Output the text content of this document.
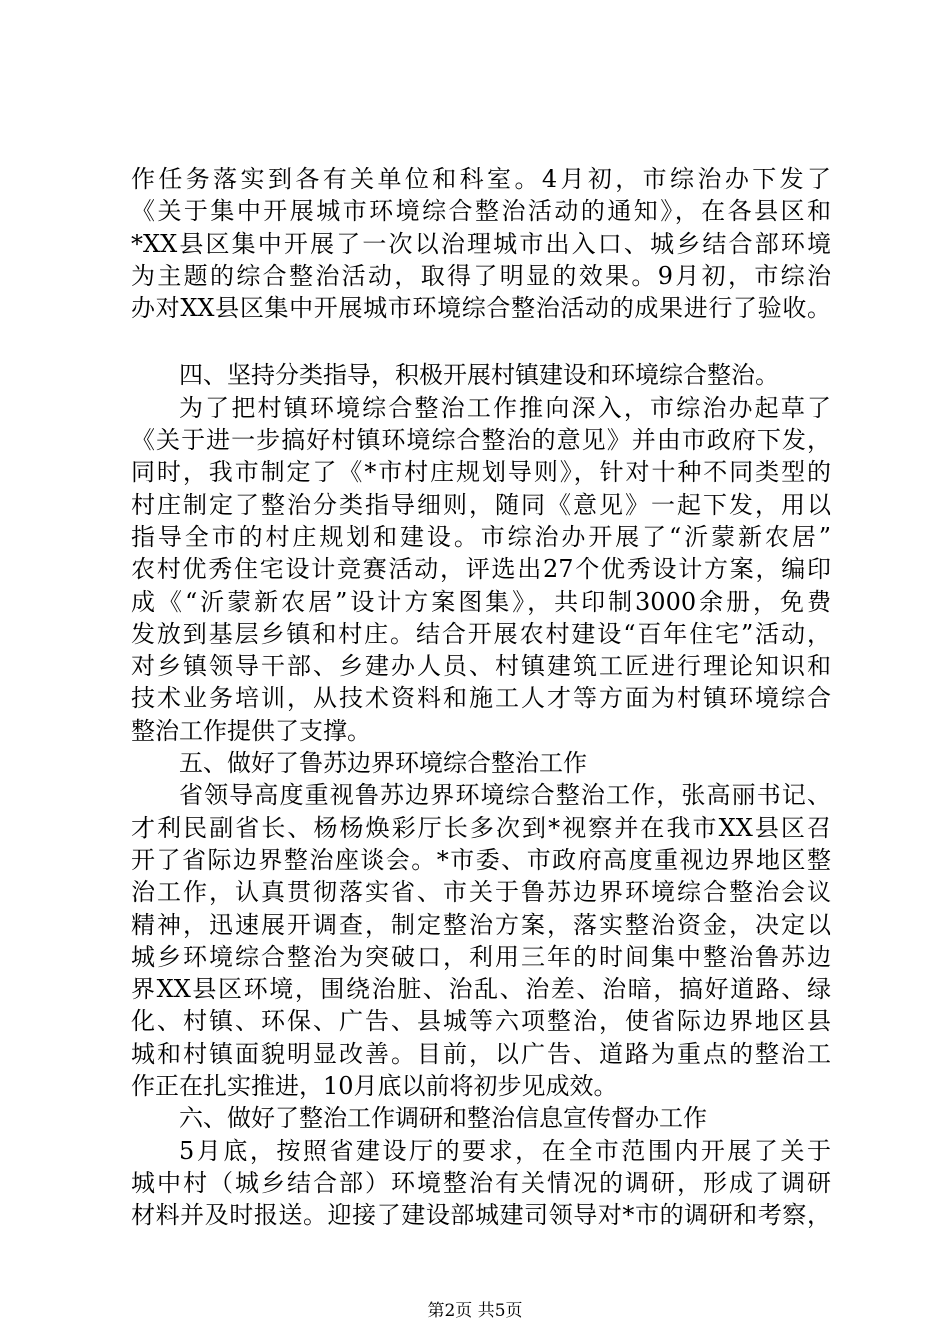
作任务落实到各有关单位和科室。4月初，市综治办下发了
《关于集中开展城市环境综合整治活动的通知》，在各县区和
*XX县区集中开展了一次以治理城市出入口、城乡结合部环境
为主题的综合整治活动，取得了明显的效果。9月初，市综治
办对XX县区集中开展城市环境综合整治活动的成果进行了验收。
四、坚持分类指导，积极开展村镇建设和环境综合整治。
为了把村镇环境综合整治工作推向深入，市综治办起草了
《关于进一步搞好村镇环境综合整治的意见》并由市政府下发，
同时，我市制定了《*市村庄规划导则》，针对十种不同类型的
村庄制定了整治分类指导细则，随同《意见》一起下发，用以
指导全市的村庄规划和建设。市综治办开展了“沂蒙新农居”
农村优秀住宅设计竞赛活动，评选出27个优秀设计方案，编印
成《“沂蒙新农居”设计方案图集》，共印制3000余册，免费
发放到基层乡镇和村庄。结合开展农村建设“百年住宅”活动，
对乡镇领导干部、乡建办人员、村镇建筑工匠进行理论知识和
技术业务培训，从技术资料和施工人才等方面为村镇环境综合
整治工作提供了支撑。
五、做好了鲁苏边界环境综合整治工作
省领导高度重视鲁苏边界环境综合整治工作，张高丽书记、
才利民副省长、杨杨焕彩厅长多次到*视察并在我市XX县区召
开了省际边界整治座谈会。*市委、市政府高度重视边界地区整
治工作，认真贯彻落实省、市关于鲁苏边界环境综合整治会议
精神，迅速展开调查，制定整治方案，落实整治资金，决定以
城乡环境综合整治为突破口，利用三年的时间集中整治鲁苏边
界XX县区环境，围绕治脏、治乱、治差、治暗，搞好道路、绿
化、村镇、环保、广告、县城等六项整治，使省际边界地区县
城和村镇面貌明显改善。目前，以广告、道路为重点的整治工
作正在扎实推进，10月底以前将初步见成效。
六、做好了整治工作调研和整治信息宣传督办工作
5月底，按照省建设厅的要求，在全市范围内开展了关于
城中村（城乡结合部）环境整治有关情况的调研，形成了调研
材料并及时报送。迎接了建设部城建司领导对*市的调研和考察，
第2页 共5页
